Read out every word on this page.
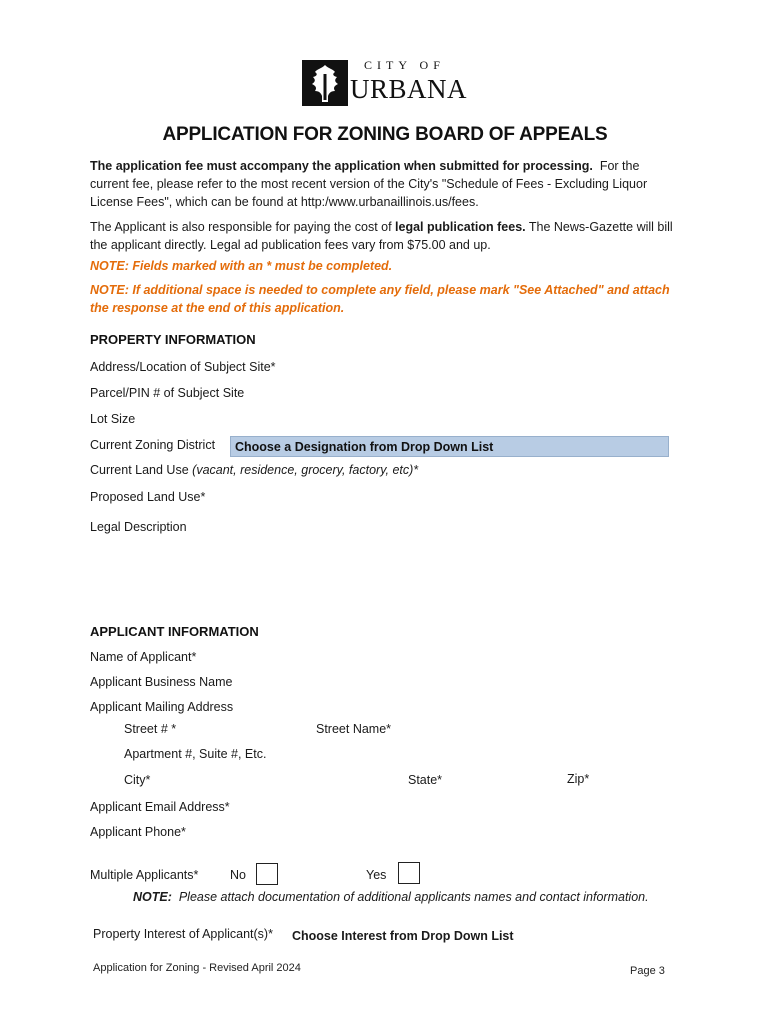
CITY OF
URBANA
APPLICATION FOR ZONING BOARD OF APPEALS
The application fee must accompany the application when submitted for processing. For the current fee, please refer to the most recent version of the City's "Schedule of Fees - Excluding Liquor License Fees", which can be found at http:/www.urbanaillinois.us/fees.
The Applicant is also responsible for paying the cost of legal publication fees. The News-Gazette will bill the applicant directly. Legal ad publication fees vary from $75.00 and up.
NOTE: Fields marked with an * must be completed.
NOTE: If additional space is needed to complete any field, please mark "See Attached" and attach the response at the end of this application.
PROPERTY INFORMATION
Address/Location of Subject Site*
Parcel/PIN # of Subject Site
Lot Size
Current Zoning District Choose a Designation from Drop Down List
Current Land Use (vacant, residence, grocery, factory, etc)*
Proposed Land Use*
Legal Description
APPLICANT INFORMATION
Name of Applicant*
Applicant Business Name
Applicant Mailing Address
Street # *	Street Name*
Apartment #, Suite #, Etc.
City*	State*	Zip*
Applicant Email Address*
Applicant Phone*
Multiple Applicants*	No	Yes
NOTE: Please attach documentation of additional applicants names and contact information.
Property Interest of Applicant(s)* Choose Interest from Drop Down List
Application for Zoning - Revised April 2024	Page 3
